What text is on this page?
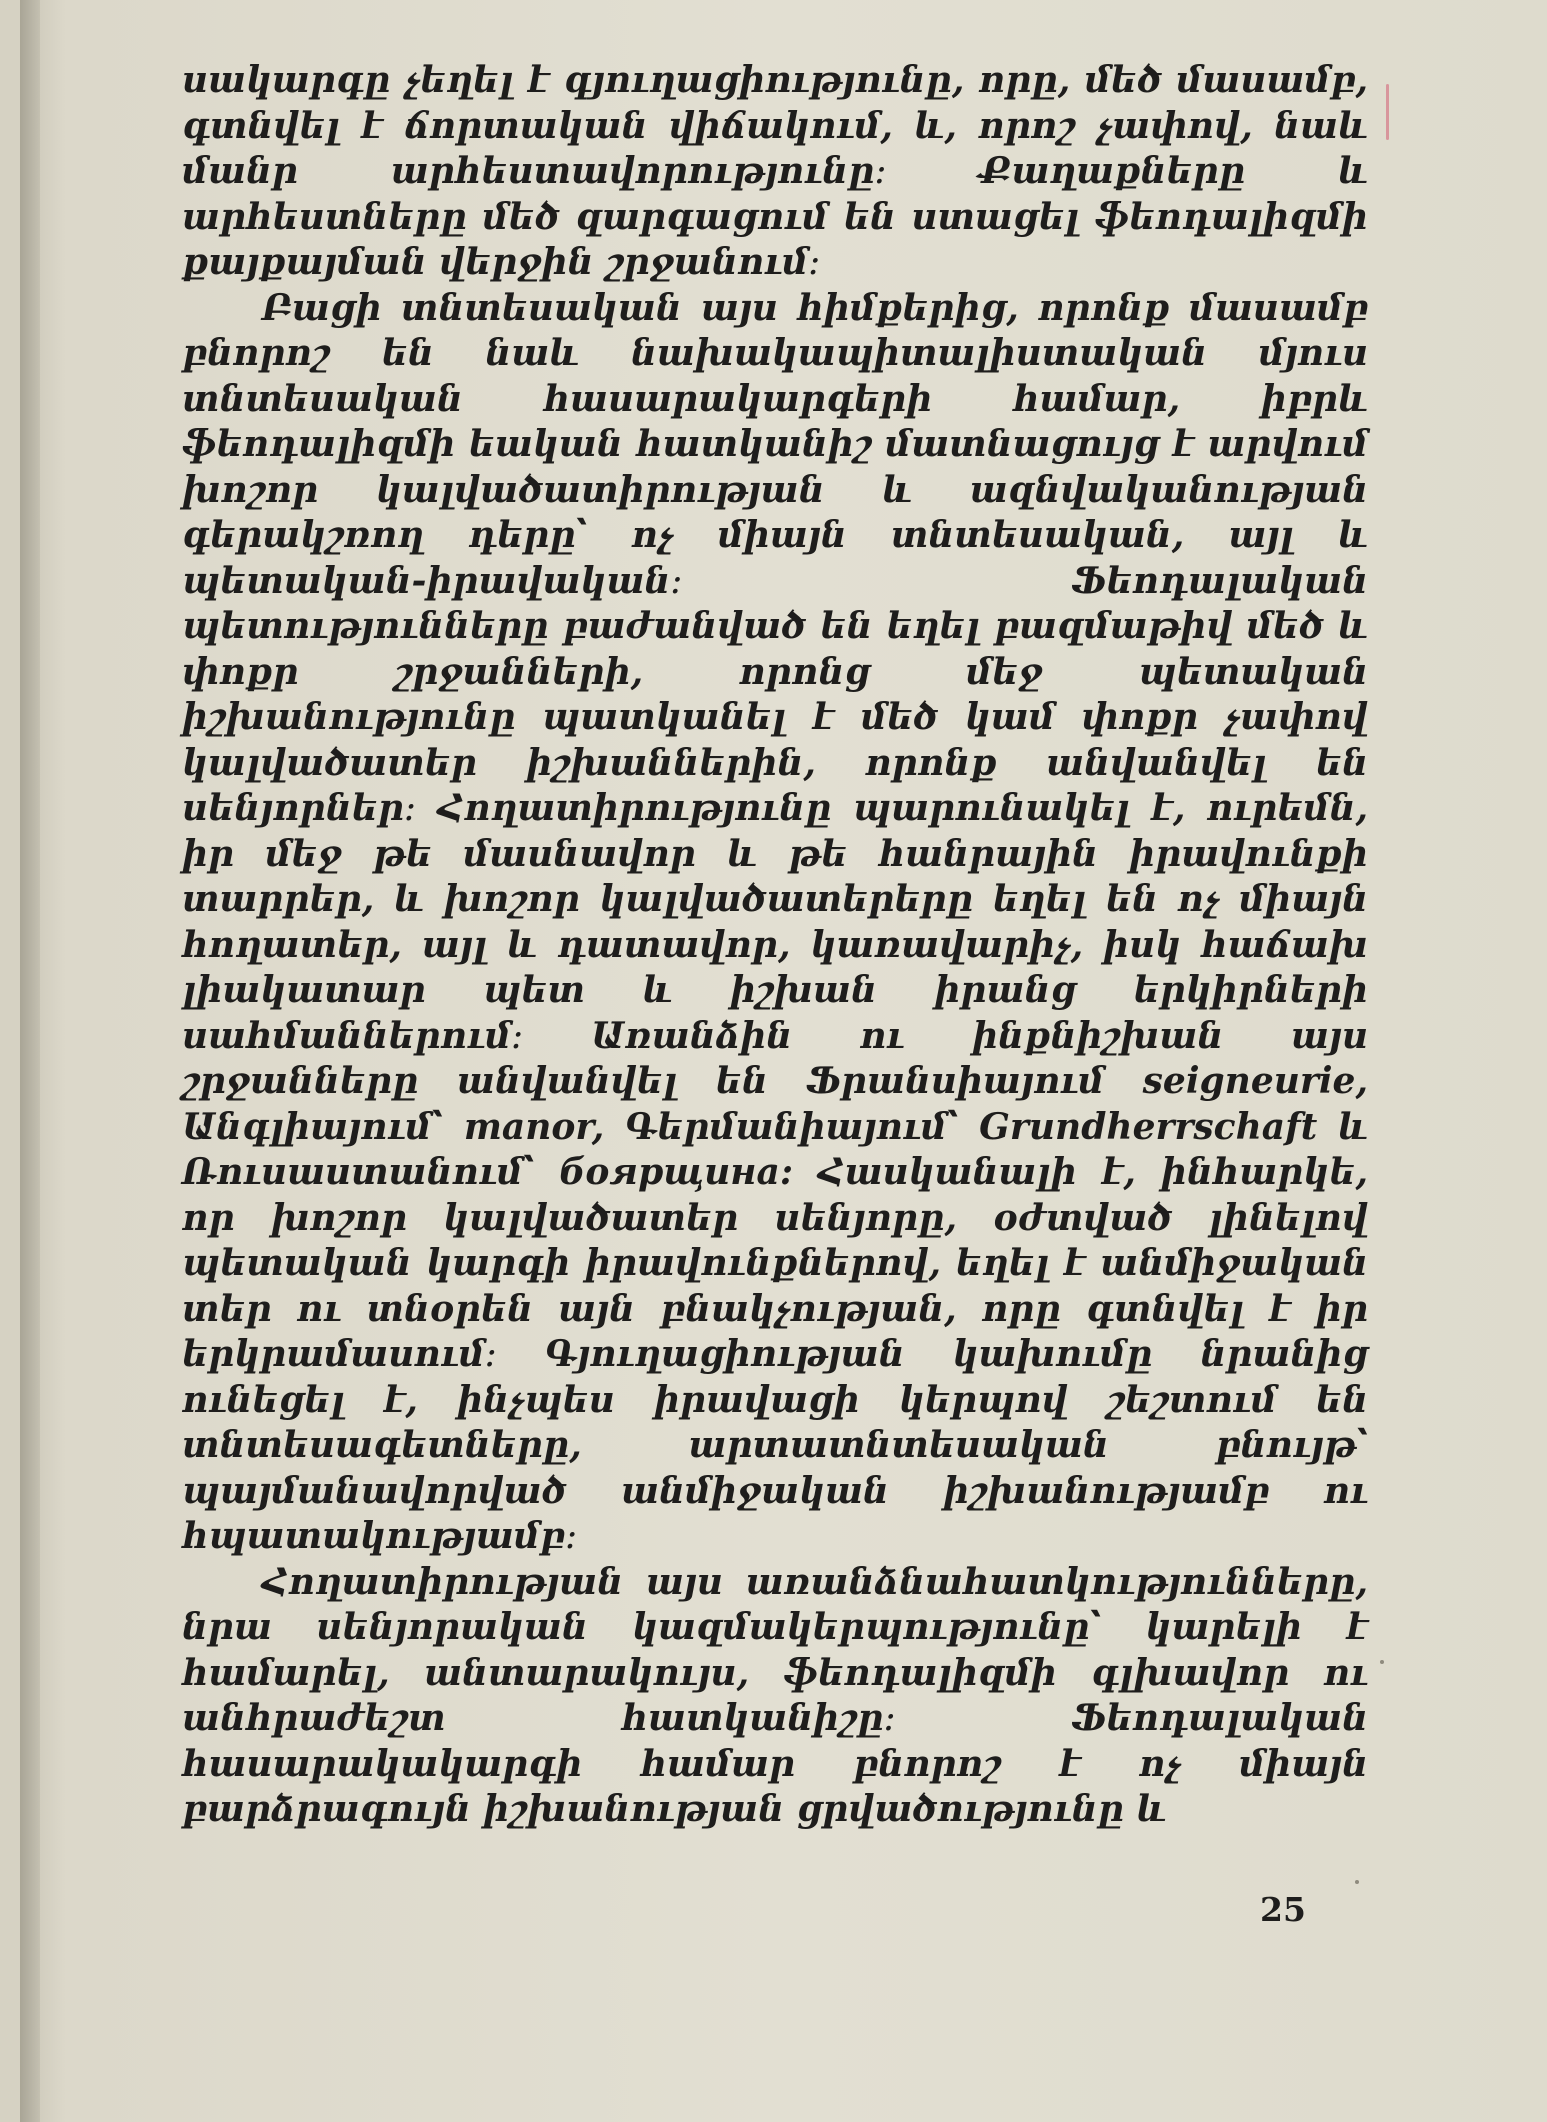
սակարգը չեղել է գյուղացիությունը, որը, մեծ մասամբ, գտնվել է ճորտական վիճակում, և, որոշ չափով, նաև մանր արհեստավորությունը։ Քաղաքները և արհեստները մեծ զարգացում են ստացել ֆեոդալիզմի քայքայման վերջին շրջանում։

Բացի տնտեսական այս հիմքերից, որոնք մասամբ բնորոշ են նաև նախակապիտալիստական մյուս տնտեսական հասարակարգերի համար, իբրև ֆեոդալիզմի եական հատկանիշ մատնացույց է արվում խոշոր կալվածատիրության և ազնվականության գերակշռող դերը՝ ոչ միայն տնտեսական, այլ և պետական-իրավական։ Ֆեոդալական պետությունները բաժանված են եղել բազմաթիվ մեծ և փոքր շրջանների, որոնց մեջ պետական իշխանությունը պատկանել է մեծ կամ փոքր չափով կալվածատեր իշխաններին, որոնք անվանվել են սենյորներ։ Հողատիրությունը պարունակել է, ուրեմն, իր մեջ թե մասնավոր և թե հանրային իրավունքի տարրեր, և խոշոր կալվածատերերը եղել են ոչ միայն հողատեր, այլ և դատավոր, կառավարիչ, իսկ հաճախ լիակատար պետ և իշխան իրանց երկիրների սահմաններում։ Առանձին ու ինքնիշխան այս շրջանները անվանվել են Ֆրանսիայում seigneurie, Անգլիայում՝ manor, Գերմանիայում՝ Grundherrschaft և Ռուսաստանում՝ боярщина: Հասկանալի է, ինհարկե, որ խոշոր կալվածատեր սենյորը, օժտված լինելով պետական կարգի իրավունքներով, եղել է անմիջական տեր ու տնօրեն այն բնակչության, որը գտնվել է իր երկրամասում։ Գյուղացիության կախումը նրանից ունեցել է, ինչպես իրավացի կերպով շեշտում են տնտեսագետները, արտատնտեսական բնույթ՝ պայմանավորված անմիջական իշխանությամբ ու հպատակությամբ։

Հողատիրության այս առանձնահատկությունները, նրա սենյորական կազմակերպությունը՝ կարելի է համարել, անտարակույս, ֆեոդալիզմի գլխավոր ու անհրաժեշտ հատկանիշը։ Ֆեոդալական հասարակակարգի համար բնորոշ է ոչ միայն բարձրագույն իշխանության ցրվածությունը և

25
